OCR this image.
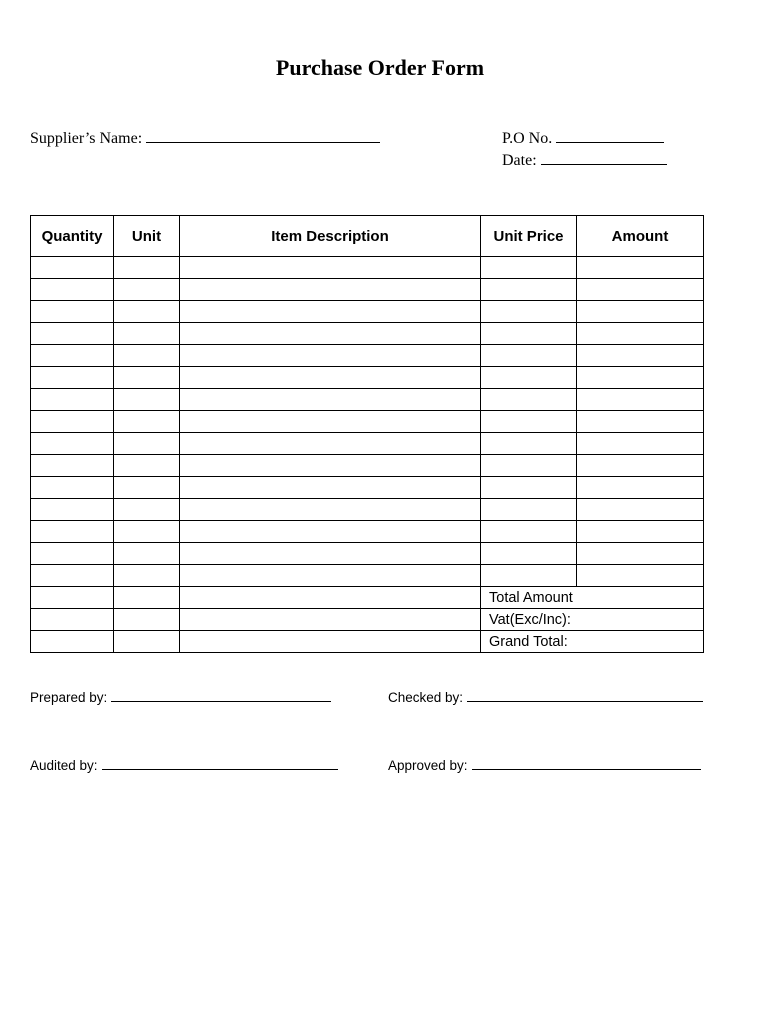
Purchase Order Form
Supplier’s Name:	P.O No.
Date:
Quantity	Unit	Item Description	Unit Price	Amount

			Total Amount	
			Vat(Exc/Inc):	
			Grand Total:	
Prepared by:	Checked by:
Audited by:	Approved by:
